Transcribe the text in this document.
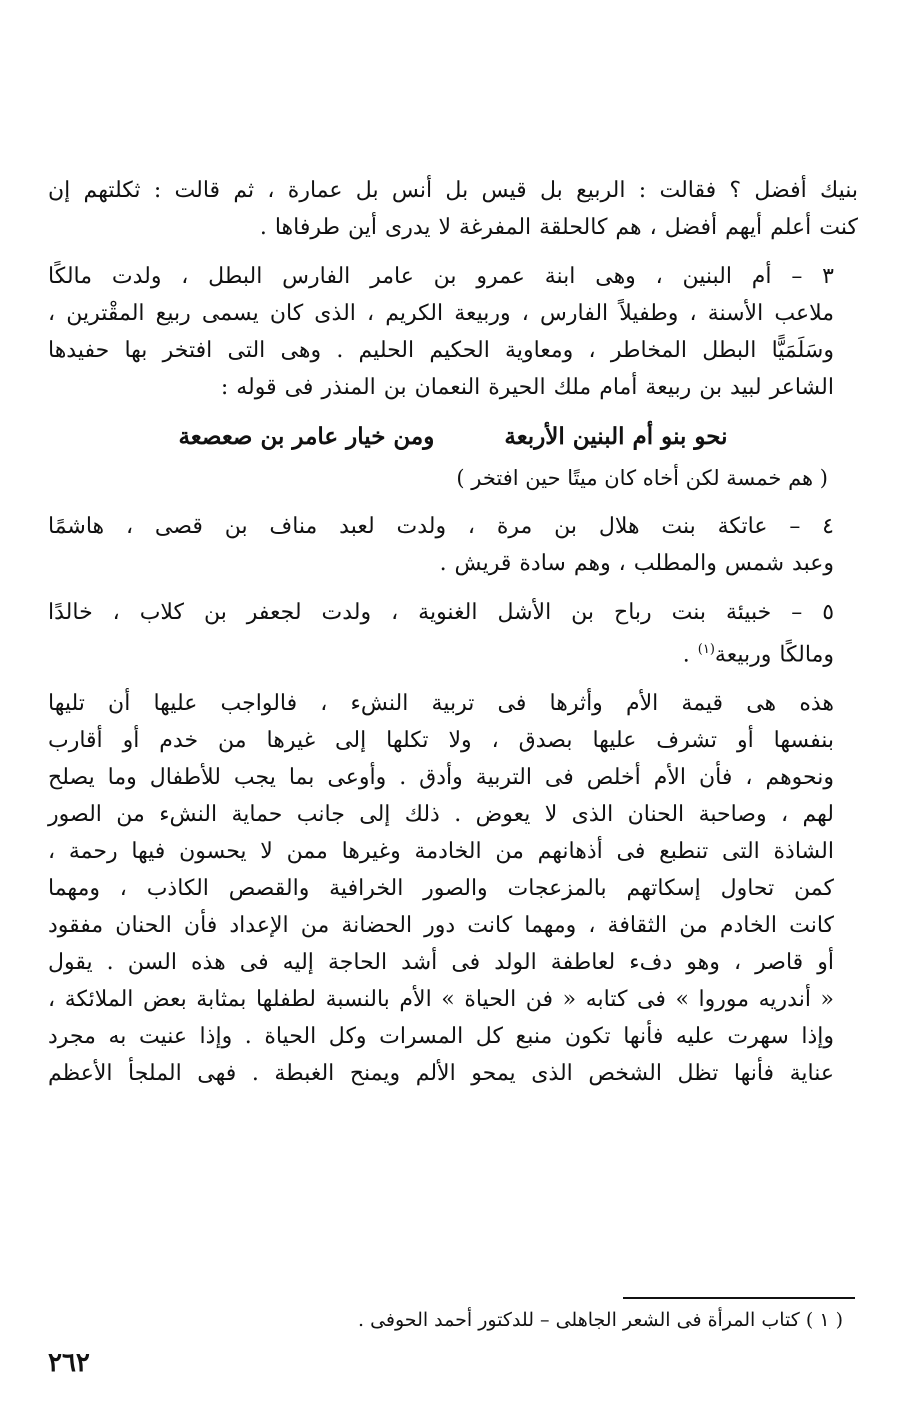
بنيك أفضل ؟ فقالت : الربيع بل قيس بل أنس بل عمارة ، ثم قالت : ثكلتهم إن
كنت أعلم أيهم أفضل ، هم كالحلقة المفرغة لا يدرى أين طرفاها .

٣ – أم البنين ، وهى ابنة عمرو بن عامر الفارس البطل ، ولدت مالكًا
ملاعب الأسنة ، وطفيلاً الفارس ، وربيعة الكريم ، الذى كان يسمى ربيع المقْترين ،
وسَلَمَيًّا البطل المخاطر ، ومعاوية الحكيم الحليم . وهى التى افتخر بها حفيدها
الشاعر لبيد بن ربيعة أمام ملك الحيرة النعمان بن المنذر فى قوله :

نحو بنو أم البنين الأربعة
ومن خيار عامر بن صعصعة

( هم خمسة لكن أخاه كان ميتًا حين افتخر )

٤ – عاتكة بنت هلال بن مرة ، ولدت لعبد مناف بن قصى ، هاشمًا
وعبد شمس والمطلب ، وهم سادة قريش .

٥ – خبيئة بنت رباح بن الأشل الغنوية ، ولدت لجعفر بن كلاب ، خالدًا
ومالكًا وربيعة$^{(١)}$ .

هذه هى قيمة الأم وأثرها فى تربية النشء ، فالواجب عليها أن تليها
بنفسها أو تشرف عليها بصدق ، ولا تكلها إلى غيرها من خدم أو أقارب
ونحوهم ، فأن الأم أخلص فى التربية وأدق . وأوعى بما يجب للأطفال وما يصلح
لهم ، وصاحبة الحنان الذى لا يعوض . ذلك إلى جانب حماية النشء من الصور
الشاذة التى تنطبع فى أذهانهم من الخادمة وغيرها ممن لا يحسون فيها رحمة ،
كمن تحاول إسكاتهم بالمزعجات والصور الخرافية والقصص الكاذب ، ومهما
كانت الخادم من الثقافة ، ومهما كانت دور الحضانة من الإعداد فأن الحنان مفقود
أو قاصر ، وهو دفء لعاطفة الولد فى أشد الحاجة إليه فى هذه السن . يقول
« أندريه موروا » فى كتابه « فن الحياة » الأم بالنسبة لطفلها بمثابة بعض الملائكة ،
وإذا سهرت عليه فأنها تكون منبع كل المسرات وكل الحياة . وإذا عنيت به مجرد
عناية فأنها تظل الشخص الذى يمحو الألم ويمنح الغبطة . فهى الملجأ الأعظم

( ١ ) كتاب المرأة فى الشعر الجاهلى – للدكتور أحمد الحوفى .
٢٦٢
